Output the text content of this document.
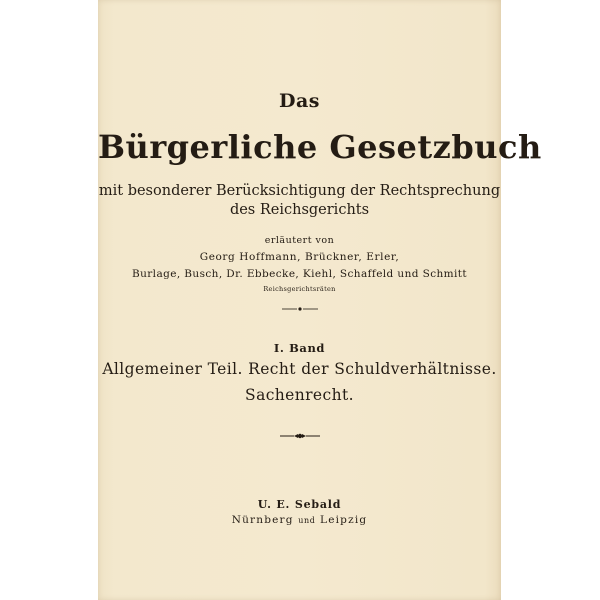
Das
Bürgerliche Gesetzbuch
mit besonderer Berücksichtigung der Rechtsprechung
des Reichsgerichts
erläutert von
Georg Hoffmann, Brückner, Erler,
Burlage, Busch, Dr. Ebbecke, Kiehl, Schaffeld und Schmitt
Reichsgerichtsräten
I. Band
Allgemeiner Teil. Recht der Schuldverhältnisse.
Sachenrecht.
U. E. Sebald
Nürnberg und Leipzig
